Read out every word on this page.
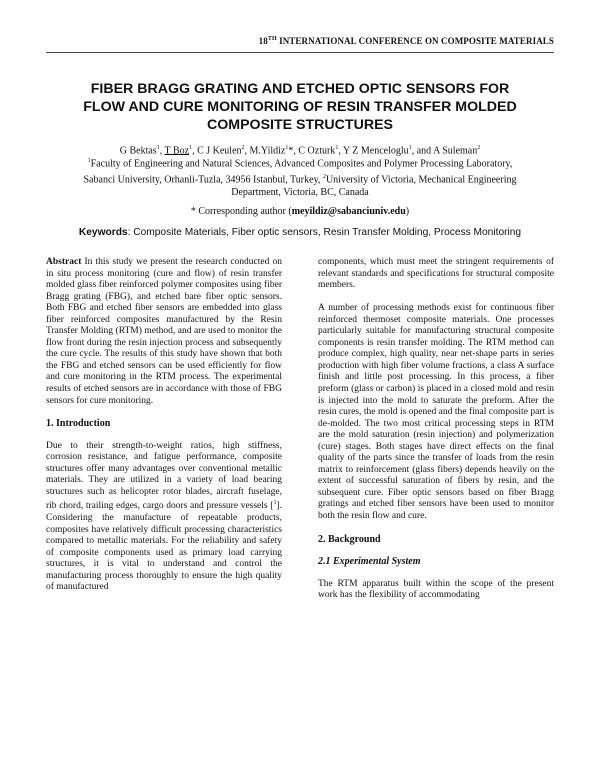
18TH INTERNATIONAL CONFERENCE ON COMPOSITE MATERIALS
FIBER BRAGG GRATING AND ETCHED OPTIC SENSORS FOR
FLOW AND CURE MONITORING OF RESIN TRANSFER MOLDED
COMPOSITE STRUCTURES
G Bektas$^1$, T Boz$^1$, C J Keulen$^2$, M.Yildiz$^1$*, C Ozturk$^1$, Y Z Menceloglu$^1$, and A Suleman$^2$
$^1$Faculty of Engineering and Natural Sciences, Advanced Composites and Polymer Processing Laboratory,
Sabanci University, Orhanli-Tuzla, 34956 Istanbul, Turkey, $^2$University of Victoria, Mechanical Engineering
Department, Victoria, BC, Canada
* Corresponding author (meyildiz@sabanciuniv.edu)
Keywords: Composite Materials, Fiber optic sensors, Resin Transfer Molding, Process Monitoring

Abstract In this study we present the research conducted on in situ process monitoring (cure and flow) of resin transfer molded glass fiber reinforced polymer composites using fiber Bragg grating (FBG), and etched bare fiber optic sensors. Both FBG and etched fiber sensors are embedded into glass fiber reinforced composites manufactured by the Resin Transfer Molding (RTM) method, and are used to monitor the flow front during the resin injection process and subsequently the cure cycle. The results of this study have shown that both the FBG and etched sensors can be used efficiently for flow and cure monitoring in the RTM process. The experimental results of etched sensors are in accordance with those of FBG sensors for cure monitoring.

1. Introduction

Due to their strength-to-weight ratios, high stiffness, corrosion resistance, and fatigue performance, composite structures offer many advantages over conventional metallic materials. They are utilized in a variety of load bearing structures such as helicopter rotor blades, aircraft fuselage, rib chord, trailing edges, cargo doors and pressure vessels [$^1$]. Considering the manufacture of repeatable products, composites have relatively difficult processing characteristics compared to metallic materials. For the reliability and safety of composite components used as primary load carrying structures, it is vital to understand and control the manufacturing process thoroughly to ensure the high quality of manufactured

components, which must meet the stringent requirements of relevant standards and specifications for structural composite members.

A number of processing methods exist for continuous fiber reinforced thermoset composite materials. One processes particularly suitable for manufacturing structural composite components is resin transfer molding. The RTM method can produce complex, high quality, near net-shape parts in series production with high fiber volume fractions, a class A surface finish and little post processing. In this process, a fiber preform (glass or carbon) is placed in a closed mold and resin is injected into the mold to saturate the preform. After the resin cures, the mold is opened and the final composite part is de-molded. The two most critical processing steps in RTM are the mold saturation (resin injection) and polymerization (cure) stages. Both stages have direct effects on the final quality of the parts since the transfer of loads from the resin matrix to reinforcement (glass fibers) depends heavily on the extent of successful saturation of fibers by resin, and the subsequent cure. Fiber optic sensors based on fiber Bragg gratings and etched fiber sensors have been used to monitor both the resin flow and cure.

2. Background
2.1 Experimental System

The RTM apparatus built within the scope of the present work has the flexibility of accommodating
